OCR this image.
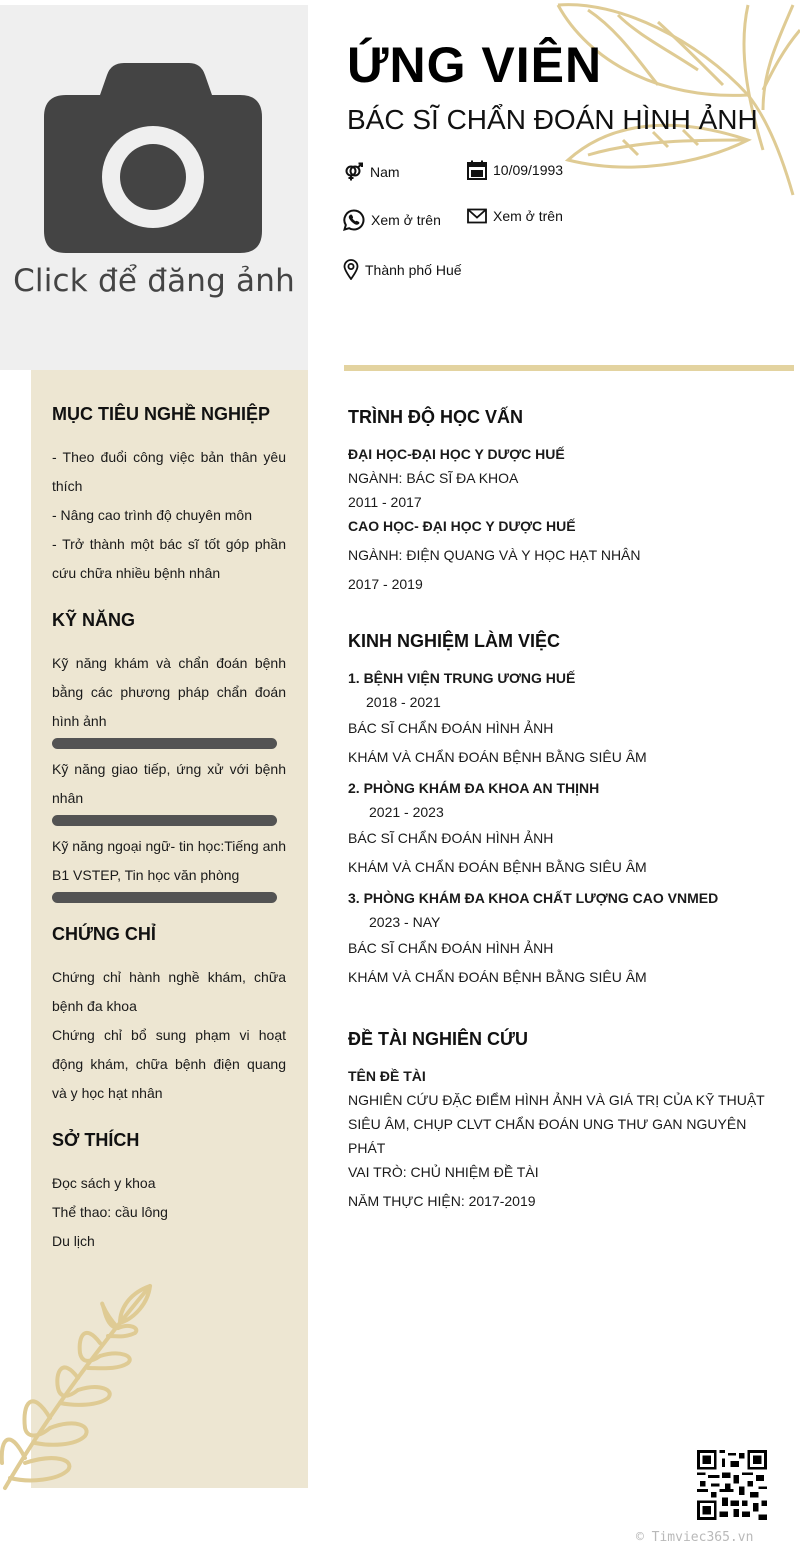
Click để đăng ảnh
ỨNG VIÊN
BÁC SĨ CHẨN ĐOÁN HÌNH ẢNH
Nam	10/09/1993
Xem ở trên	Xem ở trên
Thành phố Huế
MỤC TIÊU NGHỀ NGHIỆP
- Theo đuổi công việc bản thân yêu thích
- Nâng cao trình độ chuyên môn
- Trở thành một bác sĩ tốt góp phần cứu chữa nhiều bệnh nhân
KỸ NĂNG
Kỹ năng khám và chẩn đoán bệnh bằng các phương pháp chẩn đoán hình ảnh
Kỹ năng giao tiếp, ứng xử với bệnh nhân
Kỹ năng ngoại ngữ- tin học:Tiếng anh B1 VSTEP, Tin học văn phòng
CHỨNG CHỈ
Chứng chỉ hành nghề khám, chữa bệnh đa khoa
Chứng chỉ bổ sung phạm vi hoạt động khám, chữa bệnh điện quang và y học hạt nhân
SỞ THÍCH
Đọc sách y khoa
Thể thao: cầu lông
Du lịch
TRÌNH ĐỘ HỌC VẤN
ĐẠI HỌC-ĐẠI HỌC Y DƯỢC HUẾ
NGÀNH: BÁC SĨ ĐA KHOA
2011 - 2017
CAO HỌC- ĐẠI HỌC Y DƯỢC HUẾ
NGÀNH: ĐIỆN QUANG VÀ Y HỌC HẠT NHÂN
2017 - 2019
KINH NGHIỆM LÀM VIỆC
1. BỆNH VIỆN TRUNG ƯƠNG HUẾ
2018 - 2021
BÁC SĨ CHẨN ĐOÁN HÌNH ẢNH
KHÁM VÀ CHẨN ĐOÁN BỆNH BẰNG SIÊU ÂM
2. PHÒNG KHÁM ĐA KHOA AN THỊNH
2021 - 2023
BÁC SĨ CHẨN ĐOÁN HÌNH ẢNH
KHÁM VÀ CHẨN ĐOÁN BỆNH BẰNG SIÊU ÂM
3. PHÒNG KHÁM ĐA KHOA CHẤT LƯỢNG CAO VNMED
2023 - NAY
BÁC SĨ CHẨN ĐOÁN HÌNH ẢNH
KHÁM VÀ CHẨN ĐOÁN BỆNH BẰNG SIÊU ÂM
ĐỀ TÀI NGHIÊN CỨU
TÊN ĐỀ TÀI
NGHIÊN CỨU ĐẶC ĐIỂM HÌNH ẢNH VÀ GIÁ TRỊ CỦA KỸ THUẬT
SIÊU ÂM, CHỤP CLVT CHẨN ĐOÁN UNG THƯ GAN NGUYÊN PHÁT
VAI TRÒ: CHỦ NHIỆM ĐỀ TÀI
NĂM THỰC HIỆN: 2017-2019
© Timviec365.vn
